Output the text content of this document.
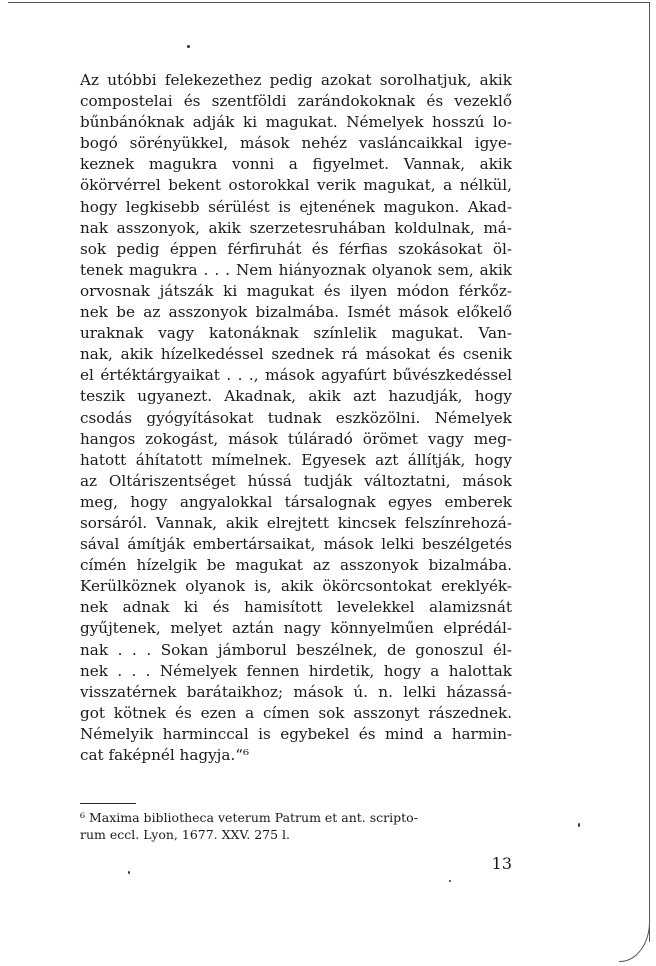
Az utóbbi felekezethez pedig azokat sorolhatjuk, akik
compostelai és szentföldi zarándokoknak és vezeklő
bűnbánóknak adják ki magukat. Némelyek hosszú lo-
bogó sörényükkel, mások nehéz vasláncaikkal igye-
keznek magukra vonni a figyelmet. Vannak, akik
ökörvérrel bekent ostorokkal verik magukat, a nélkül,
hogy legkisebb sérülést is ejtenének magukon. Akad-
nak asszonyok, akik szerzetesruhában koldulnak, má-
sok pedig éppen férfiruhát és férfias szokásokat öl-
tenek magukra . . . Nem hiányoznak olyanok sem, akik
orvosnak játszák ki magukat és ilyen módon férkőz-
nek be az asszonyok bizalmába. Ismét mások előkelő
uraknak vagy katonáknak színlelik magukat. Van-
nak, akik hízelkedéssel szednek rá másokat és csenik
el értéktárgyaikat . . ., mások agyafúrt bűvészkedéssel
teszik ugyanezt. Akadnak, akik azt hazudják, hogy
csodás gyógyításokat tudnak eszközölni. Némelyek
hangos zokogást, mások túláradó örömet vagy meg-
hatott áhítatott mímelnek. Egyesek azt állítják, hogy
az Oltáriszentséget hússá tudják változtatni, mások
meg, hogy angyalokkal társalognak egyes emberek
sorsáról. Vannak, akik elrejtett kincsek felszínrehozá-
sával ámítják embertársaikat, mások lelki beszélgetés
címén hízelgik be magukat az asszonyok bizalmába.
Kerülköznek olyanok is, akik ökörcsontokat ereklyék-
nek adnak ki és hamisított levelekkel alamizsnát
gyűjtenek, melyet aztán nagy könnyelműen elprédál-
nak . . . Sokan jámborul beszélnek, de gonoszul él-
nek . . . Némelyek fennen hirdetik, hogy a halottak
visszatérnek barátaikhoz; mások ú. n. lelki házassá-
got kötnek és ezen a címen sok asszonyt rászednek.
Némelyik harminccal is egybekel és mind a harmin-
cat faképnél hagyja.“⁶
⁶ Maxima bibliotheca veterum Patrum et ant. scripto-
rum eccl. Lyon, 1677. XXV. 275 l.
13
